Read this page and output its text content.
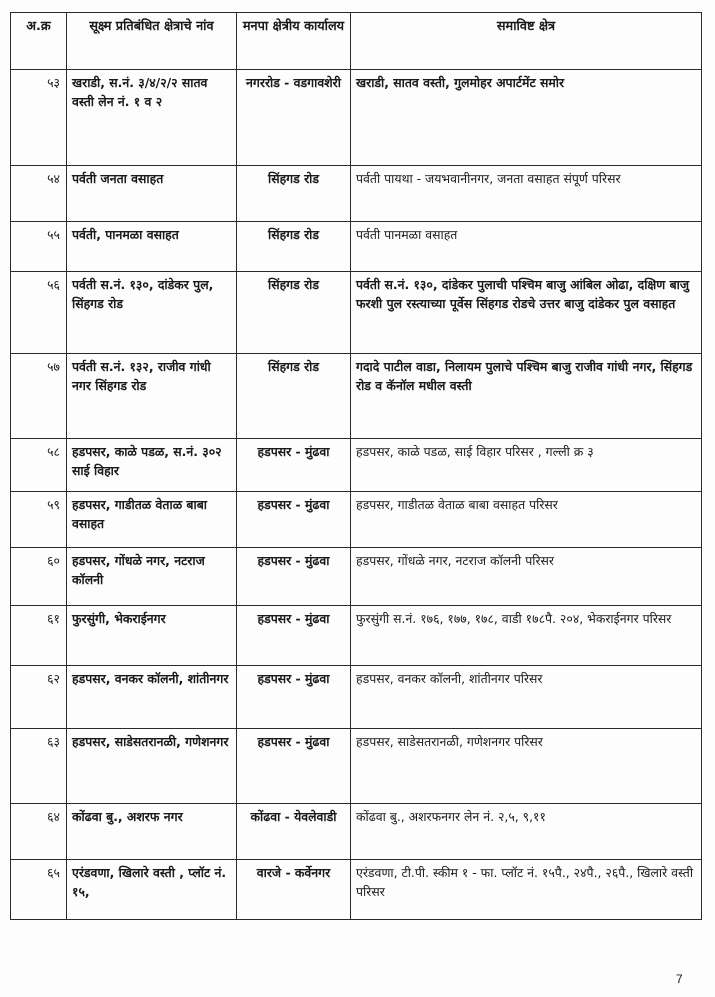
अ.क्र	सूक्ष्म प्रतिबंधित क्षेत्राचे नांव	मनपा क्षेत्रीय कार्यालय	समाविष्ट क्षेत्र
५३	खराडी, स.नं. ३/४/२/२ सातव वस्ती लेन नं. १ व २	नगररोड - वडगावशेरी	खराडी, सातव वस्ती, गुलमोहर अपार्टमेंट समोर
५४	पर्वती जनता वसाहत	सिंहगड रोड	पर्वती पायथा - जयभवानीनगर, जनता वसाहत संपूर्ण परिसर
५५	पर्वती, पानमळा वसाहत	सिंहगड रोड	पर्वती पानमळा वसाहत
५६	पर्वती स.नं. १३०, दांडेकर पुल, सिंहगड रोड	सिंहगड रोड	पर्वती स.नं. १३०, दांडेकर पुलाची पश्चिम बाजु आंबिल ओढा, दक्षिण बाजु फरशी पुल रस्त्याच्या पूर्वेस सिंहगड रोडचे उत्तर बाजु दांडेकर पुल वसाहत
५७	पर्वती स.नं. १३२, राजीव गांधी नगर सिंहगड रोड	सिंहगड रोड	गदादे पाटील वाडा, निलायम पुलाचे पश्चिम बाजु राजीव गांधी नगर, सिंहगड रोड व कॅनॉल मधील वस्ती
५८	हडपसर, काळे पडळ, स.नं. ३०२ साई विहार	हडपसर - मुंढवा	हडपसर, काळे पडळ, साई विहार परिसर , गल्ली क्र ३
५९	हडपसर, गाडीतळ वेताळ बाबा वसाहत	हडपसर - मुंढवा	हडपसर, गाडीतळ वेताळ बाबा वसाहत परिसर
६०	हडपसर, गोंधळे नगर, नटराज कॉलनी	हडपसर - मुंढवा	हडपसर, गोंधळे नगर, नटराज कॉलनी परिसर
६१	फुरसुंगी, भेकराईनगर	हडपसर - मुंढवा	फुरसुंगी स.नं. १७६, १७७, १७८, वाडी १७८पै. २०४, भेकराईनगर परिसर
६२	हडपसर, वनकर कॉलनी, शांतीनगर	हडपसर - मुंढवा	हडपसर, वनकर कॉलनी, शांतीनगर परिसर
६३	हडपसर, साडेसतरानळी, गणेशनगर	हडपसर - मुंढवा	हडपसर, साडेसतरानळी, गणेशनगर परिसर
६४	कोंढवा बु., अशरफ नगर	कोंढवा - येवलेवाडी	कोंढवा बु., अशरफनगर लेन नं. २,५, ९,११
६५	एरंडवणा, खिलारे वस्ती , प्लॉट नं. १५,	वारजे - कर्वेनगर	एरंडवणा, टी.पी. स्कीम १ - फा. प्लॉट नं. १५पै., २४पै., २६पै., खिलारे वस्ती परिसर
7
